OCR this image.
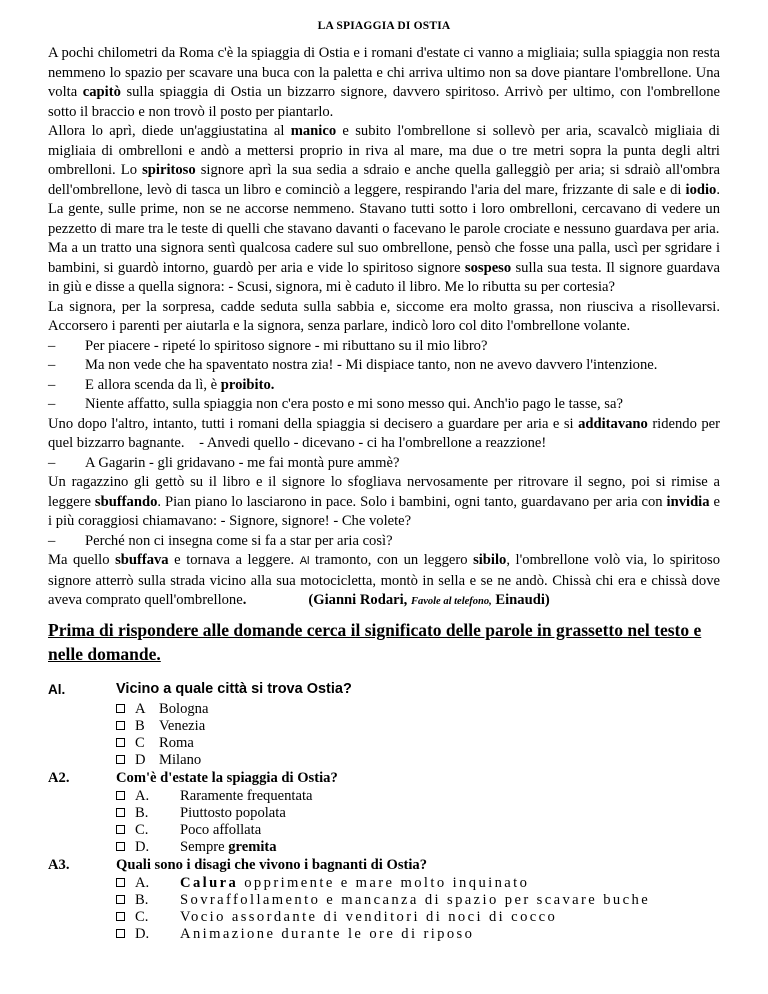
LA SPIAGGIA DI OSTIA

A pochi chilometri da Roma c'è la spiaggia di Ostia e i romani d'estate ci vanno a migliaia; sulla spiaggia non resta nemmeno lo spazio per scavare una buca con la paletta e chi arriva ultimo non sa dove piantare l'ombrellone. Una volta capitò sulla spiaggia di Ostia un bizzarro signore, davvero spiritoso. Arrivò per ultimo, con l'ombrellone sotto il braccio e non trovò il posto per piantarlo.

Allora lo aprì, diede un'aggiustatina al manico e subito l'ombrellone si sollevò per aria, scavalcò migliaia di migliaia di ombrelloni e andò a mettersi proprio in riva al mare, ma due o tre metri sopra la punta degli altri ombrelloni. Lo spiritoso signore aprì la sua sedia a sdraio e anche quella galleggiò per aria; si sdraiò all'ombra dell'ombrellone, levò di tasca un libro e cominciò a leggere, respirando l'aria del mare, frizzante di sale e di iodio. La gente, sulle prime, non se ne accorse nemmeno. Stavano tutti sotto i loro ombrelloni, cercavano di vedere un pezzetto di mare tra le teste di quelli che stavano davanti o facevano le parole crociate e nessuno guardava per aria.

Ma a un tratto una signora sentì qualcosa cadere sul suo ombrellone, pensò che fosse una palla, uscì per sgridare i bambini, si guardò intorno, guardò per aria e vide lo spiritoso signore sospeso sulla sua testa. Il signore guardava in giù e disse a quella signora: - Scusi, signora, mi è caduto il libro. Me lo ributta su per cortesia?

La signora, per la sorpresa, cadde seduta sulla sabbia e, siccome era molto grassa, non riusciva a risollevarsi. Accorsero i parenti per aiutarla e la signora, senza parlare, indicò loro col dito l'ombrellone volante.

–	Per piacere - ripeté lo spiritoso signore - mi ributtano su il mio libro?
–	Ma non vede che ha spaventato nostra zia! - Mi dispiace tanto, non ne avevo davvero l'intenzione.
–	E allora scenda da lì, è proibito.
–	Niente affatto, sulla spiaggia non c'era posto e mi sono messo qui. Anch'io pago le tasse, sa?

Uno dopo l'altro, intanto, tutti i romani della spiaggia si decisero a guardare per aria e si additavano ridendo per quel bizzarro bagnante.    - Anvedi quello - dicevano - ci ha l'ombrellone a reazzione!

–	A Gagarin - gli gridavano - me fai montà pure ammè?

Un ragazzino gli gettò su il libro e il signore lo sfogliava nervosamente per ritrovare il segno, poi si rimise a leggere sbuffando. Pian piano lo lasciarono in pace. Solo i bambini, ogni tanto, guardavano per aria con invidia e i più coraggiosi chiamavano: - Signore, signore! - Che volete?

–	Perché non ci insegna come si fa a star per aria così?

Ma quello sbuffava e tornava a leggere. Al tramonto, con un leggero sibilo, l'ombrellone volò via, lo spiritoso signore atterrò sulla strada vicino alla sua motocicletta, montò in sella e se ne andò. Chissà chi era e chissà dove aveva comprato quell'ombrellone.	(Gianni Rodari, Favole al telefono, Einaudi)

Prima di rispondere alle domande cerca il significato delle parole in grassetto nel testo e nelle domande.
Al.	Vicino a quale città si trova Ostia?
A Bologna
B Venezia
C Roma
D Milano
A2.	Com'è d'estate la spiaggia di Ostia?
A.	Raramente frequentata
B.	Piuttosto popolata
C.	Poco affollata
D.	Sempre gremita
A3.	Quali sono i disagi che vivono i bagnanti di Ostia?
A.	Calura opprimente e mare molto inquinato
B.	Sovraffollamento e mancanza di spazio per scavare buche
C.	Vocio assordante di venditori di noci di cocco
D.	Animazione durante le ore di riposo
